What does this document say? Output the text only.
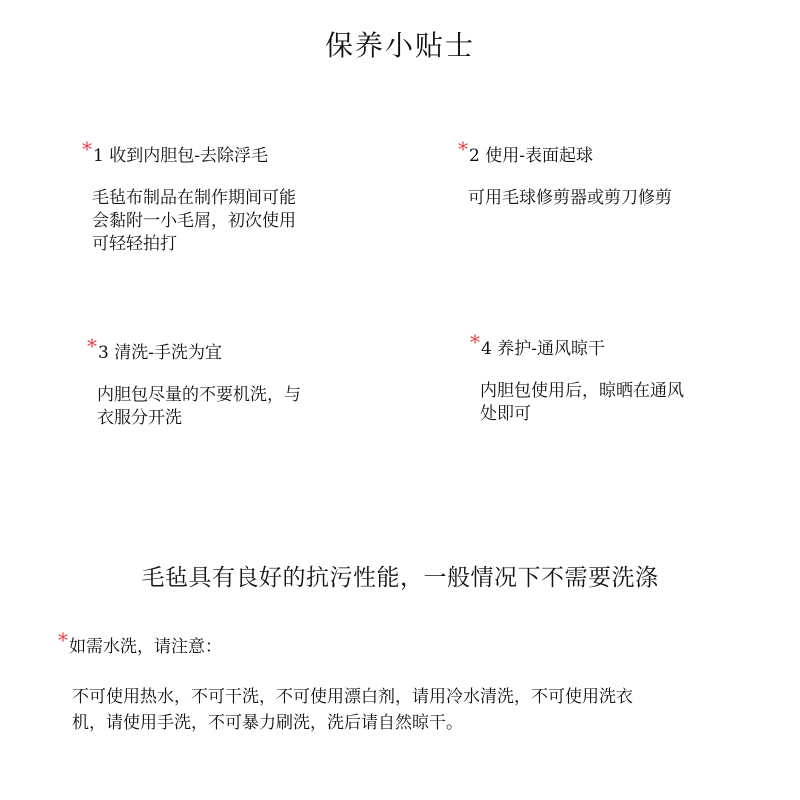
保养小贴士
*1 收到内胆包-去除浮毛
毛毡布制品在制作期间可能
会黏附一小毛屑，初次使用
可轻轻拍打
*2 使用-表面起球
可用毛球修剪器或剪刀修剪
*3 清洗-手洗为宜
内胆包尽量的不要机洗，与
衣服分开洗
*4 养护-通风晾干
内胆包使用后，晾晒在通风
处即可
毛毡具有良好的抗污性能，一般情况下不需要洗涤
*如需水洗，请注意：
不可使用热水，不可干洗，不可使用漂白剂，请用冷水清洗，不可使用洗衣
机，请使用手洗，不可暴力刷洗，洗后请自然晾干。
